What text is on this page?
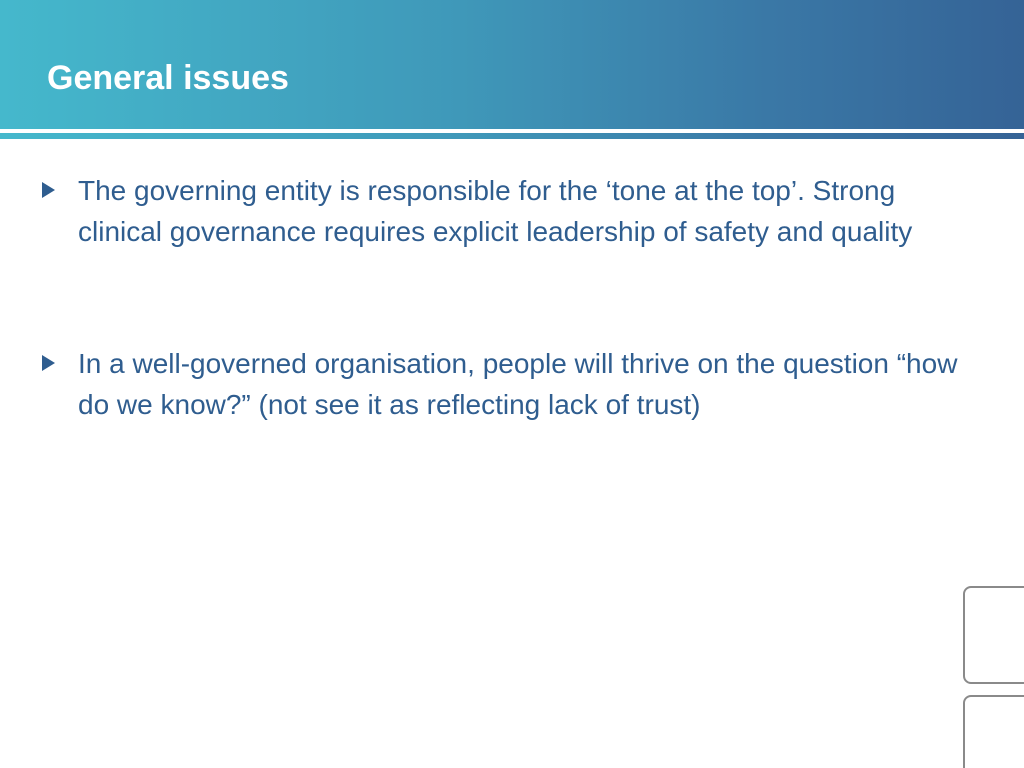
General issues
The governing entity is responsible for the ‘tone at the top’. Strong clinical governance requires explicit leadership of safety and quality
In a well-governed organisation, people will thrive on the question “how do we know?” (not see it as reflecting lack of trust)
